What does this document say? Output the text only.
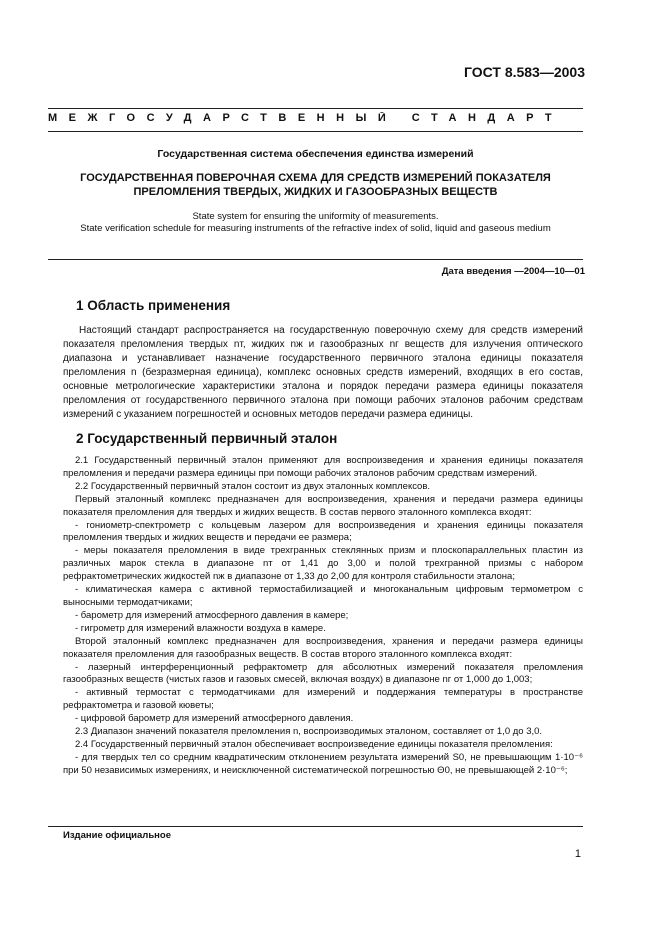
ГОСТ 8.583—2003
МЕЖГОСУДАРСТВЕННЫЙ СТАНДАРТ
Государственная система обеспечения единства измерений
ГОСУДАРСТВЕННАЯ ПОВЕРОЧНАЯ СХЕМА ДЛЯ СРЕДСТВ ИЗМЕРЕНИЙ ПОКАЗАТЕЛЯ
ПРЕЛОМЛЕНИЯ ТВЕРДЫХ, ЖИДКИХ И ГАЗООБРАЗНЫХ ВЕЩЕСТВ
State system for ensuring the uniformity of measurements.
State verification schedule for measuring instruments of the refractive index of solid, liquid and gaseous medium
Дата введения —2004—10—01
1 Область применения

Настоящий стандарт распространяется на государственную поверочную схему для средств измерений показателя преломления твердых nт, жидких nж и газообразных nг веществ для излучения оптического диапазона и устанавливает назначение государственного первичного эталона единицы показателя преломления n (безразмерная единица), комплекс основных средств измерений, входящих в его состав, основные метрологические характеристики эталона и порядок передачи размера единицы показателя преломления от государственного первичного эталона при помощи рабочих эталонов рабочим средствам измерений с указанием погрешностей и основных методов передачи размера единицы.

2 Государственный первичный эталон

2.1 Государственный первичный эталон применяют для воспроизведения и хранения единицы показателя преломления и передачи размера единицы при помощи рабочих эталонов рабочим средствам измерений.

2.2 Государственный первичный эталон состоит из двух эталонных комплексов.

Первый эталонный комплекс предназначен для воспроизведения, хранения и передачи размера единицы показателя преломления для твердых и жидких веществ. В состав первого эталонного комплекса входят:

- гониометр-спектрометр с кольцевым лазером для воспроизведения и хранения единицы показателя преломления твердых и жидких веществ и передачи ее размера;

- меры показателя преломления в виде трехгранных стеклянных призм и плоскопараллельных пластин из различных марок стекла в диапазоне nт от 1,41 до 3,00 и полой трехгранной призмы с набором рефрактометрических жидкостей nж в диапазоне от 1,33 до 2,00 для контроля стабильности эталона;

- климатическая камера с активной термостабилизацией и многоканальным цифровым термометром с выносными термодатчиками;

- барометр для измерений атмосферного давления в камере;

- гигрометр для измерений влажности воздуха в камере.

Второй эталонный комплекс предназначен для воспроизведения, хранения и передачи размера единицы показателя преломления для газообразных веществ. В состав второго эталонного комплекса входят:

- лазерный интерференционный рефрактометр для абсолютных измерений показателя преломления газообразных веществ (чистых газов и газовых смесей, включая воздух) в диапазоне nг от 1,000 до 1,003;

- активный термостат с термодатчиками для измерений и поддержания температуры в пространстве рефрактометра и газовой кюветы;

- цифровой барометр для измерений атмосферного давления.

2.3 Диапазон значений показателя преломления n, воспроизводимых эталоном, составляет от 1,0 до 3,0.

2.4 Государственный первичный эталон обеспечивает воспроизведение единицы показателя преломления:

- для твердых тел со средним квадратическим отклонением результата измерений S0, не превышающим 1·10⁻⁶ при 50 независимых измерениях, и неисключенной систематической погрешностью Θ0, не превышающей 2·10⁻⁶;

Издание официальное
1
